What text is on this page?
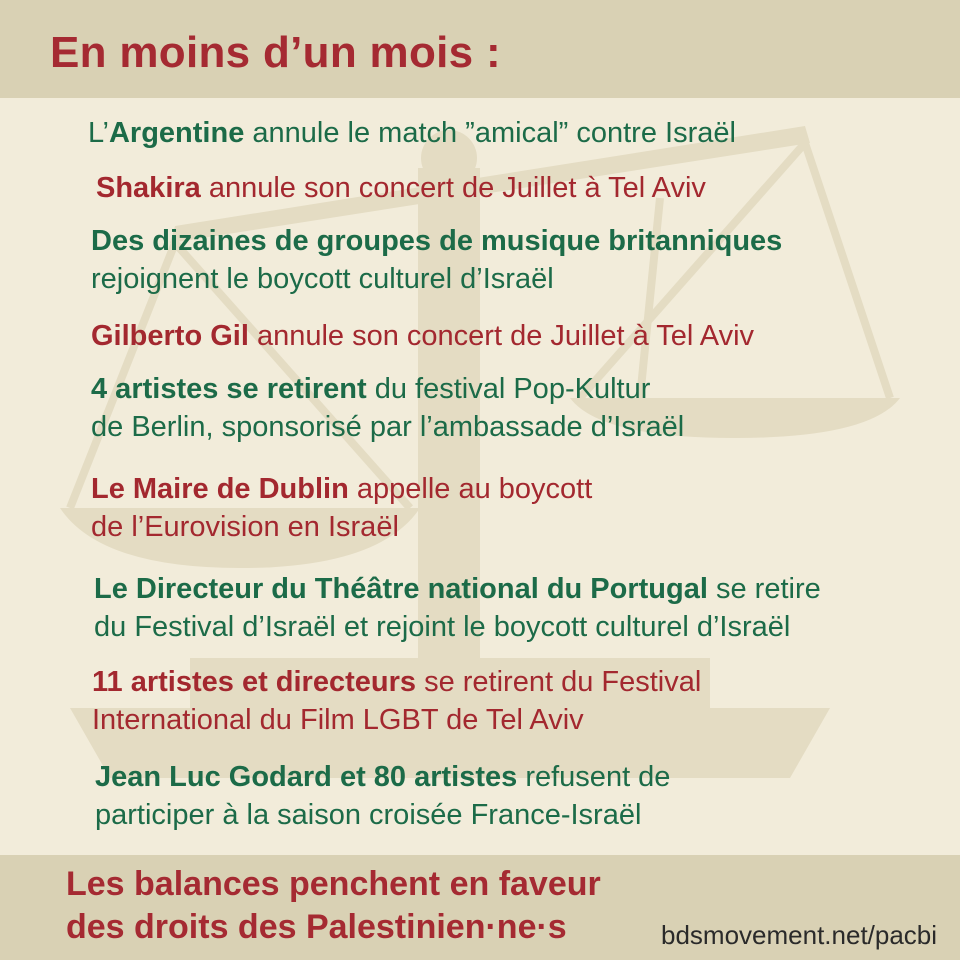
En moins d’un mois :
L’Argentine annule le match ”amical” contre Israël
Shakira annule son concert de Juillet à Tel Aviv
Des dizaines de groupes de musique britanniques
rejoignent le boycott culturel d’Israël
Gilberto Gil annule son concert de Juillet à Tel Aviv
4 artistes se retirent du festival Pop-Kultur
de Berlin, sponsorisé par l’ambassade d’Israël
Le Maire de Dublin appelle au boycott
de l’Eurovision en Israël
Le Directeur du Théâtre national du Portugal se retire
du Festival d’Israël et rejoint le boycott culturel d’Israël
11 artistes et directeurs se retirent du Festival
International du Film LGBT de Tel Aviv
Jean Luc Godard et 80 artistes refusent de
participer à la saison croisée France-Israël
Les balances penchent en faveur
des droits des Palestinien·ne·s	bdsmovement.net/pacbi
